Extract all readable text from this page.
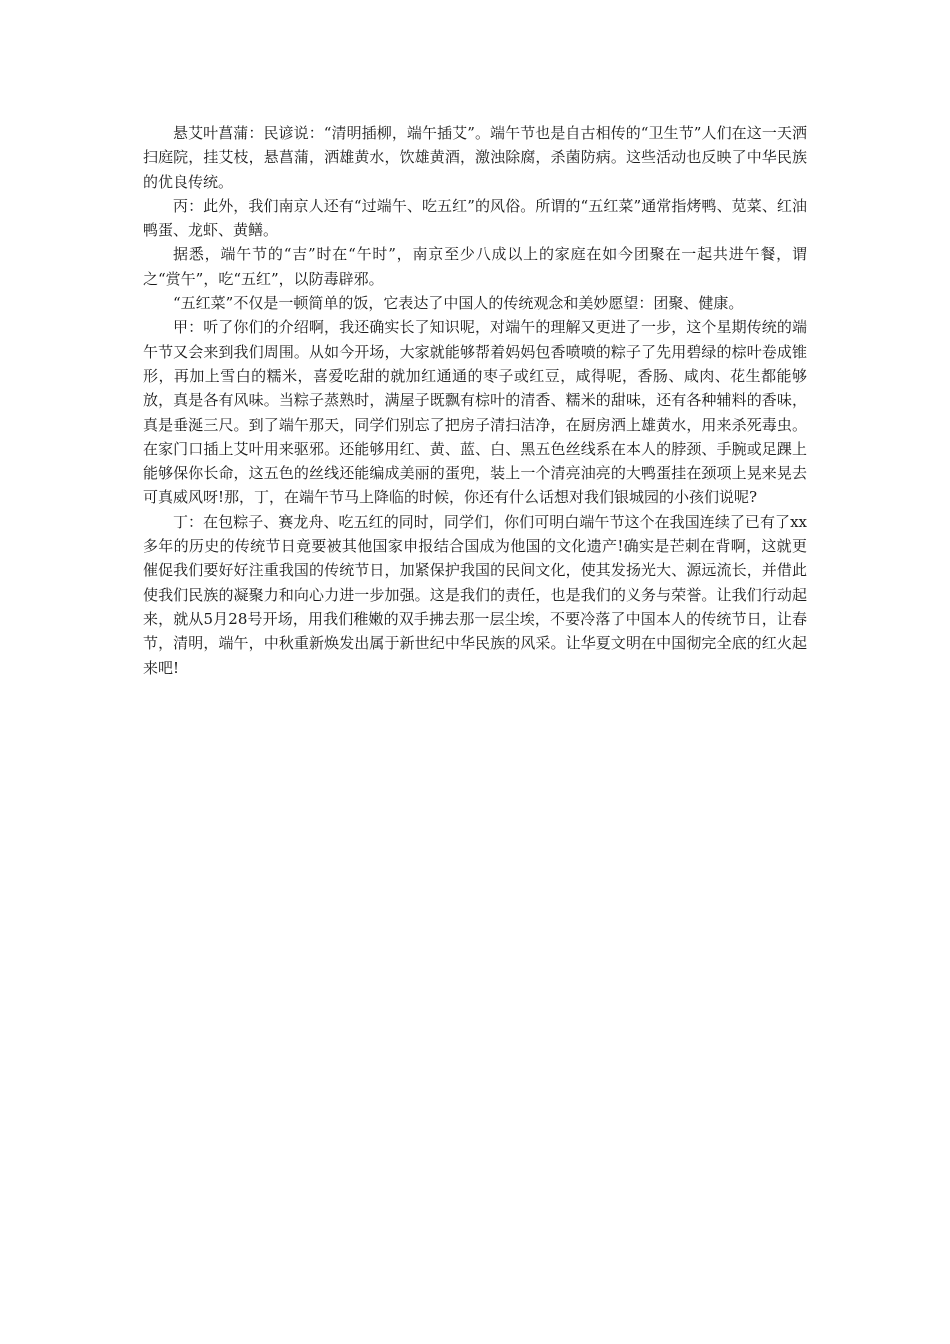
悬艾叶菖蒲：民谚说：“清明插柳，端午插艾”。端午节也是自古相传的“卫生节”人们在这一天洒扫庭院，挂艾枝，悬菖蒲，洒雄黄水，饮雄黄酒，激浊除腐，杀菌防病。这些活动也反映了中华民族的优良传统。

丙：此外，我们南京人还有“过端午、吃五红”的风俗。所谓的“五红菜”通常指烤鸭、苋菜、红油鸭蛋、龙虾、黄鳝。

据悉，端午节的“吉”时在“午时”，南京至少八成以上的家庭在如今团聚在一起共进午餐，谓之“赏午”，吃“五红”，以防毒辟邪。

“五红菜”不仅是一顿简单的饭，它表达了中国人的传统观念和美妙愿望：团聚、健康。

甲：听了你们的介绍啊，我还确实长了知识呢，对端午的理解又更进了一步，这个星期传统的端午节又会来到我们周围。从如今开场，大家就能够帮着妈妈包香喷喷的粽子了先用碧绿的棕叶卷成锥形，再加上雪白的糯米，喜爱吃甜的就加红通通的枣子或红豆，咸得呢，香肠、咸肉、花生都能够放，真是各有风味。当粽子蒸熟时，满屋子既飘有棕叶的清香、糯米的甜味，还有各种辅料的香味，真是垂涎三尺。到了端午那天，同学们别忘了把房子清扫洁净，在厨房洒上雄黄水，用来杀死毒虫。在家门口插上艾叶用来驱邪。还能够用红、黄、蓝、白、黑五色丝线系在本人的脖颈、手腕或足踝上能够保你长命，这五色的丝线还能编成美丽的蛋兜，装上一个清亮油亮的大鸭蛋挂在颈项上晃来晃去可真威风呀!那，丁，在端午节马上降临的时候，你还有什么话想对我们银城园的小孩们说呢?

丁：在包粽子、赛龙舟、吃五红的同时，同学们，你们可明白端午节这个在我国连续了已有了xx多年的历史的传统节日竟要被其他国家申报结合国成为他国的文化遗产!确实是芒刺在背啊，这就更催促我们要好好注重我国的传统节日，加紧保护我国的民间文化，使其发扬光大、源远流长，并借此使我们民族的凝聚力和向心力进一步加强。这是我们的责任，也是我们的义务与荣誉。让我们行动起来，就从5月28号开场，用我们稚嫩的双手拂去那一层尘埃，不要冷落了中国本人的传统节日，让春节，清明，端午，中秋重新焕发出属于新世纪中华民族的风采。让华夏文明在中国彻完全底的红火起来吧!
